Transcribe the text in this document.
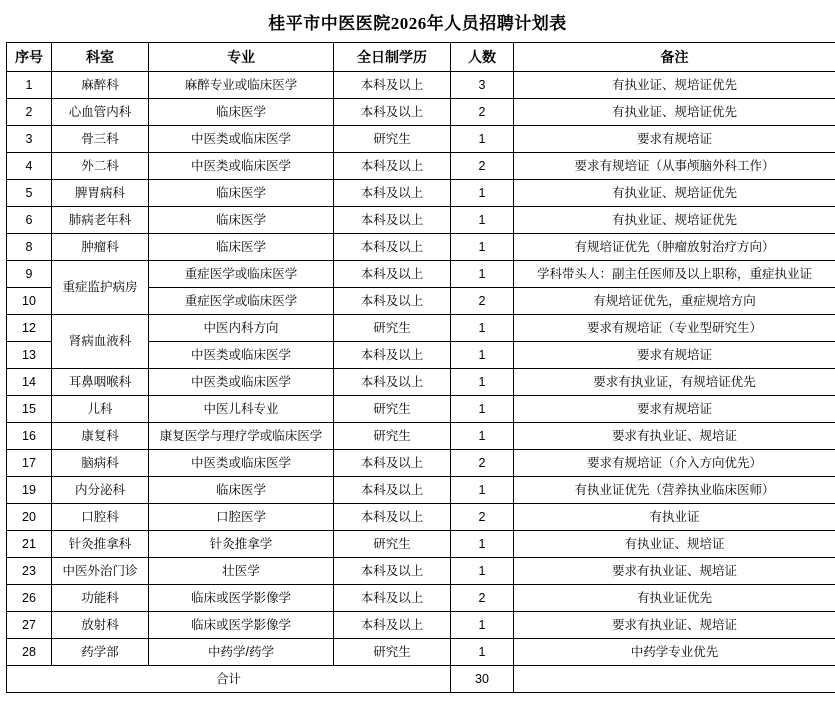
桂平市中医医院2026年人员招聘计划表
序号	科室	专业	全日制学历	人数	备注
1	麻醉科	麻醉专业或临床医学	本科及以上	3	有执业证、规培证优先
2	心血管内科	临床医学	本科及以上	2	有执业证、规培证优先
3	骨三科	中医类或临床医学	研究生	1	要求有规培证
4	外二科	中医类或临床医学	本科及以上	2	要求有规培证（从事颅脑外科工作）
5	脾胃病科	临床医学	本科及以上	1	有执业证、规培证优先
6	肺病老年科	临床医学	本科及以上	1	有执业证、规培证优先
8	肿瘤科	临床医学	本科及以上	1	有规培证优先（肿瘤放射治疗方向）
9	重症监护病房	重症医学或临床医学	本科及以上	1	学科带头人：副主任医师及以上职称，重症执业证
10		重症医学或临床医学	本科及以上	2	有规培证优先，重症规培方向
12	肾病血液科	中医内科方向	研究生	1	要求有规培证（专业型研究生）
13		中医类或临床医学	本科及以上	1	要求有规培证
14	耳鼻咽喉科	中医类或临床医学	本科及以上	1	要求有执业证，有规培证优先
15	儿科	中医儿科专业	研究生	1	要求有规培证
16	康复科	康复医学与理疗学或临床医学	研究生	1	要求有执业证、规培证
17	脑病科	中医类或临床医学	本科及以上	2	要求有规培证（介入方向优先）
19	内分泌科	临床医学	本科及以上	1	有执业证优先（营养执业临床医师）
20	口腔科	口腔医学	本科及以上	2	有执业证
21	针灸推拿科	针灸推拿学	研究生	1	有执业证、规培证
23	中医外治门诊	壮医学	本科及以上	1	要求有执业证、规培证
26	功能科	临床或医学影像学	本科及以上	2	有执业证优先
27	放射科	临床或医学影像学	本科及以上	1	要求有执业证、规培证
28	药学部	中药学/药学	研究生	1	中药学专业优先
合计				30	
